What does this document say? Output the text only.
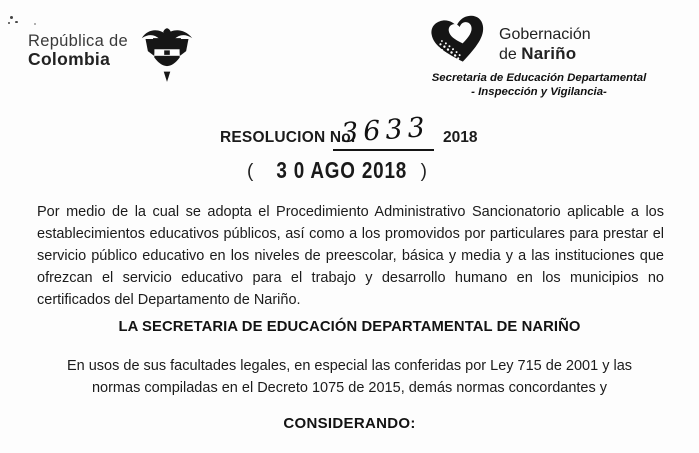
República de
Colombia
Gobernación
de Nariño
Secretaria de Educación Departamental
- Inspección y Vigilancia-
RESOLUCION No.
3633 2018
( 3 0 AGO 2018 )

Por medio de la cual se adopta el Procedimiento Administrativo Sancionatorio aplicable a los establecimientos educativos públicos, así como a los promovidos por particulares para prestar el servicio público educativo en los niveles de preescolar, básica y media y a las instituciones que ofrezcan el servicio educativo para el trabajo y desarrollo humano en los municipios no certificados del Departamento de Nariño.

LA SECRETARIA DE EDUCACIÓN DEPARTAMENTAL DE NARIÑO

En usos de sus facultades legales, en especial las conferidas por Ley 715 de 2001 y las normas compiladas en el Decreto 1075 de 2015, demás normas concordantes y

CONSIDERANDO:
